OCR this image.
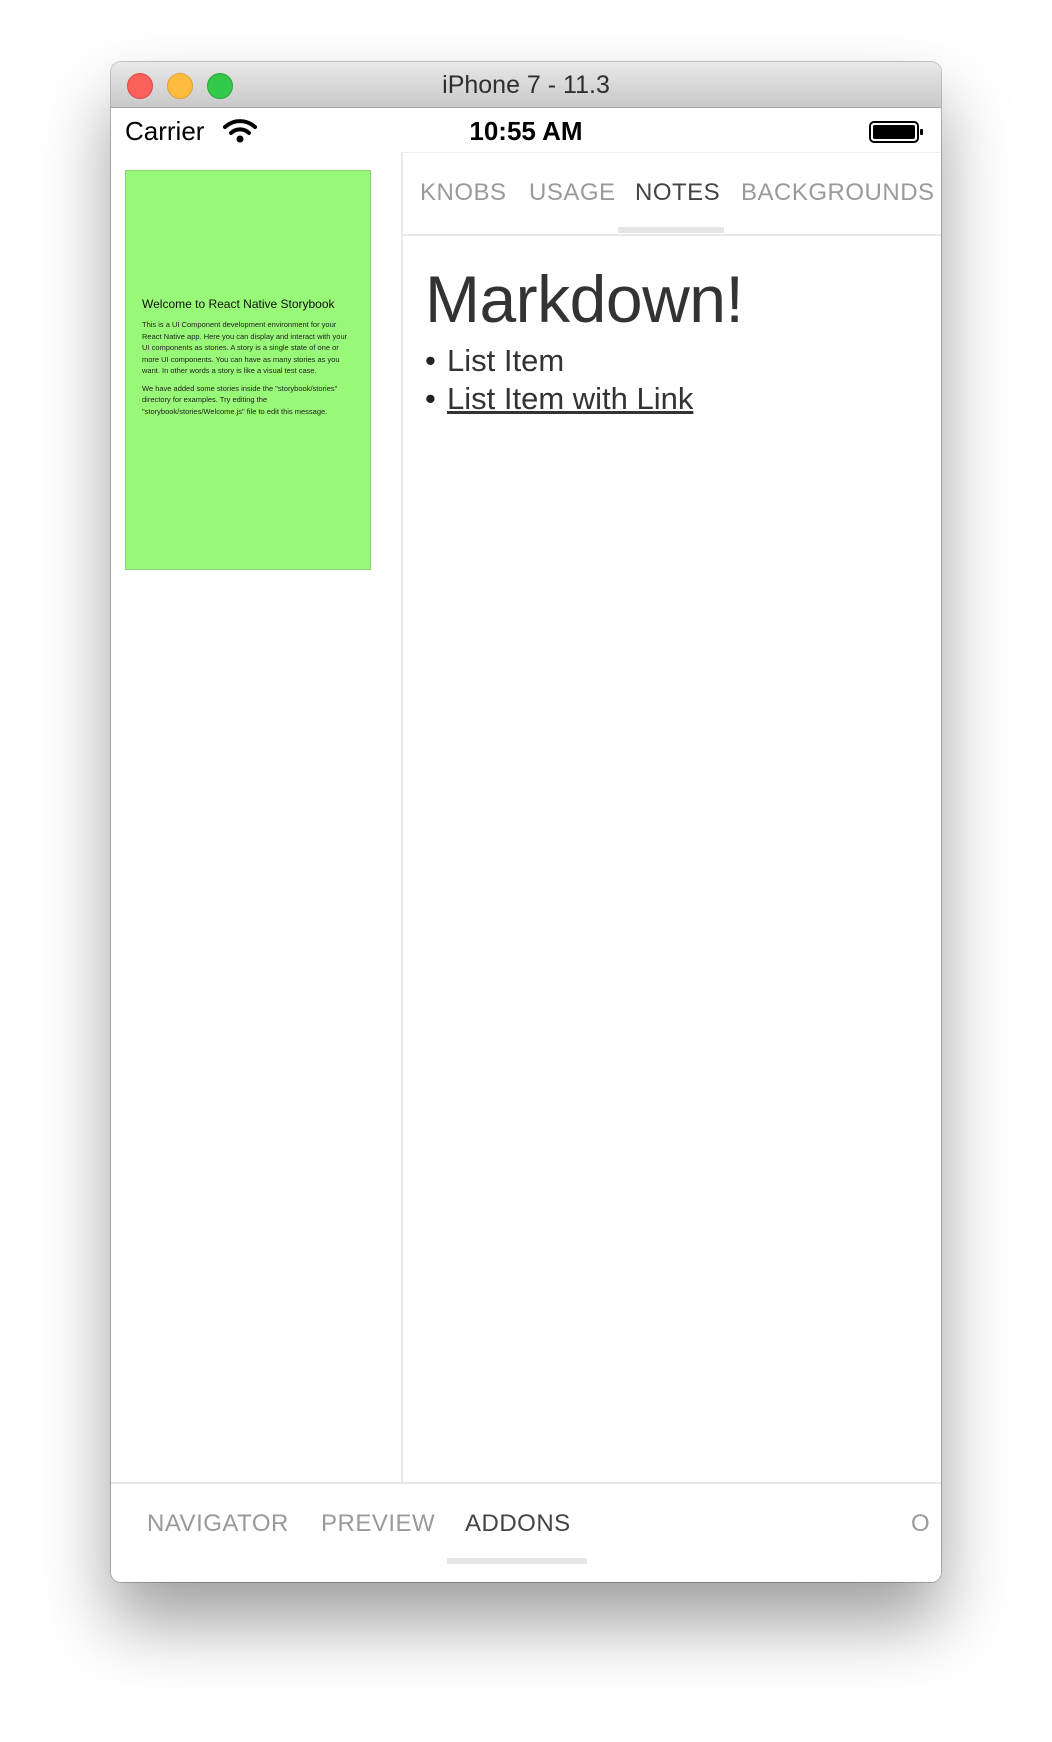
iPhone 7 - 11.3
Carrier	10:55 AM

Welcome to React Native Storybook

This is a UI Component development environment for your React Native app. Here you can display and interact with your UI components as stories. A story is a single state of one or more UI components. You can have as many stories as you want. In other words a story is like a visual test case.

We have added some stories inside the "storybook/stories" directory for examples. Try editing the "storybook/stories/Welcome.js" file to edit this message.

KNOBS USAGE NOTES BACKGROUNDS
Markdown!
• List Item
• List Item with Link
NAVIGATOR PREVIEW ADDONS	O
